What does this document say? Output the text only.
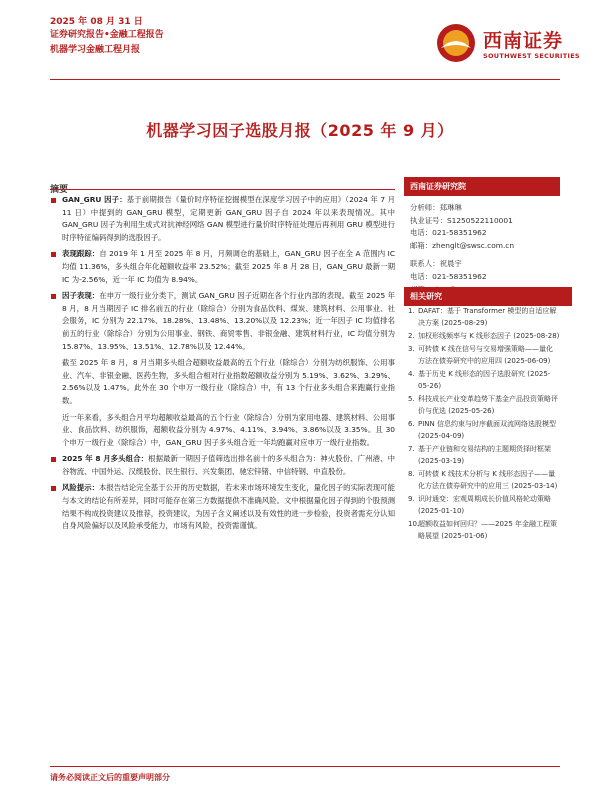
2025 年 08 月 31 日
证券研究报告•金融工程报告
机器学习金融工程月报	西南证券
SOUTHWEST SECURITIES
机器学习因子选股月报（2025 年 9 月）
摘要
GAN_GRU 因子：基于前期报告《量价时序特征挖掘模型在深度学习因子中的应用》（2024 年 7 月 11 日）中提到的 GAN_GRU 模型，定期更新 GAN_GRU 因子自 2024 年以来表现情况。其中 GAN_GRU 因子为利用生成式对抗神经网络 GAN 模型进行量价时序特征处理后再利用 GRU 模型进行时序特征编码得到的选股因子。
表现跟踪：自 2019 年 1 月至 2025 年 8 月，月频调仓的基础上，GAN_GRU 因子在全 A 范围内 IC 均值 11.36%，多头组合年化超额收益率 23.52%；截至 2025 年 8 月 28 日，GAN_GRU 最新一期 IC 为-2.56%，近一年 IC 均值为 8.94%。
因子表现：在申万一级行业分类下，测试 GAN_GRU 因子近期在各个行业内部的表现。截至 2025 年 8 月，8 月当期因子 IC 排名前五的行业（除综合）分别为食品饮料、煤炭、建筑材料、公用事业、社会服务，IC 分别为 22.17%、18.28%、13.48%、13.20%以及 12.23%；近一年因子 IC 均值排名前五的行业（除综合）分别为公用事业、钢铁、商贸零售、非银金融、建筑材料行业，IC 均值分别为 15.87%、13.95%、13.51%、12.78%以及 12.44%。
截至 2025 年 8 月，8 月当期多头组合超额收益最高的五个行业（除综合）分别为纺织服饰、公用事业、汽车、非银金融、医药生物，多头组合相对行业指数超额收益分别为 5.19%、3.62%、3.29%、2.56%以及 1.47%。此外在 30 个申万一级行业（除综合）中，有 13 个行业多头组合来跑赢行业指数。
近一年来看，多头组合月平均超额收益最高的五个行业（除综合）分别为家用电器、建筑材料、公用事业、食品饮料、纺织服饰，超额收益分别为 4.97%、4.11%、3.94%、3.86%以及 3.35%。且 30 个申万一级行业（除综合）中，GAN_GRU 因子多头组合近一年均跑赢对应申万一级行业指数。
2025 年 8 月多头组合：根据最新一期因子值筛选出排名前十的多头组合为：神火股份、广州港、中谷物流、中国外运、汉缆股份、民生银行、兴发集团、驰宏锌锗、中信特钢、中直股份。
风险提示：本报告结论完全基于公开的历史数据，若未来市场环境发生变化，量化因子的实际表现可能与本文的结论有所差异，同时可能存在第三方数据提供不准确风险。文中根据量化因子得到的个股预测结果不构成投资建议及推荐，投资建议，为因子含义阐述以及有效性的进一步检验，投资者需充分认知自身风险偏好以及风险承受能力，市场有风险，投资需谨慎。
西南证券研究院
分析师：郑琳琳
执业证号：S1250522110001
电话：021-58351962
邮箱：zhenglt@swsc.com.cn
联系人：祝晨宇
电话：021-58351962
相关研究
1. DAFAT：基于 Transformer 模型的自适应解决方案 (2025-08-29)
2. 加权形线频率与 K 线形态因子 (2025-08-28)
3. 可转债 K 线在信号与交易增强策略——量化方法在债券研究中的应用四 (2025-06-09)
4. 基于历史 K 线形态的因子选股研究 (2025-05-26)
5. 科技成长产业变革趋势下基金产品投资策略评价与优选 (2025-05-26)
6. PINN 信息约束与时序截面双流网络选股模型 (2025-04-09)
7. 基于产业链和交易结构的主题期货择时框架 (2025-03-19)
8. 可转债 K 线技术分析与 K 线形态因子——量化方法在债券研究中的应用三 (2025-03-14)
9. 识时通变：宏观周期成长价值风格轮动策略 (2025-01-10)
10.
超额收益如何回归？——2025 年金融工程策略展望 (2025-01-06)
请务必阅读正文后的重要声明部分
